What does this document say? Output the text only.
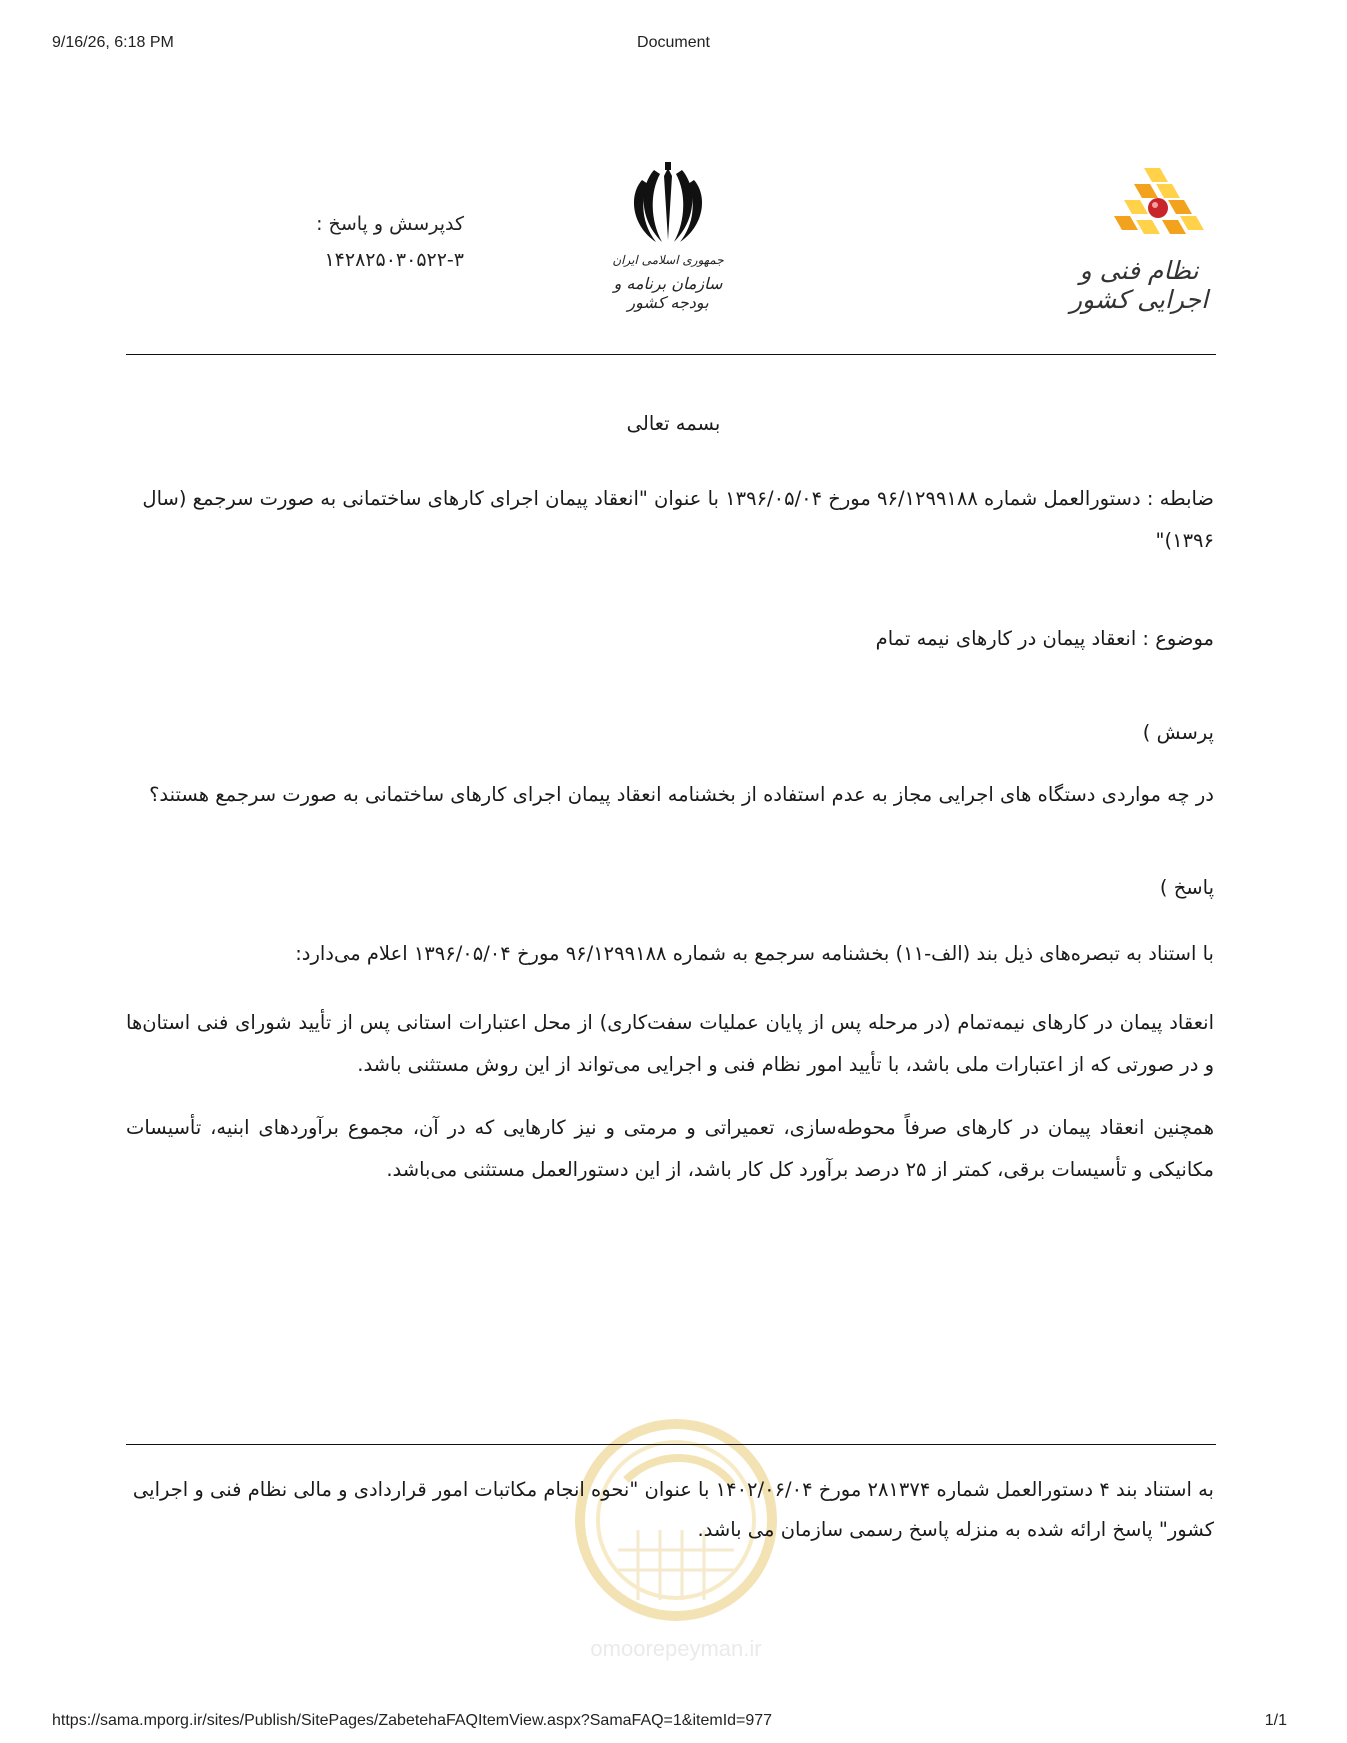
9/16/26, 6:18 PM	Document
نظام فنی و اجرایی کشور
جمهوری اسلامی ایران
سازمان برنامه و بودجه کشور
کدپرسش و پاسخ :
۱۴۲۸۲۵۰۳۰۵۲۲-۳
بسمه تعالی
ضابطه : دستورالعمل شماره ۹۶/۱۲۹۹۱۸۸ مورخ ۱۳۹۶/۰۵/۰۴ با عنوان "انعقاد پیمان اجرای کارهای ساختمانی به صورت سرجمع (سال ۱۳۹۶)"
موضوع : انعقاد پیمان در کارهای نیمه تمام
پرسش )
در چه مواردی دستگاه های اجرایی مجاز به عدم استفاده از بخشنامه انعقاد پیمان اجرای کارهای ساختمانی به صورت سرجمع هستند؟
پاسخ )
با استناد به تبصره‌های ذیل بند (الف-۱۱) بخشنامه سرجمع به شماره ۹۶/۱۲۹۹۱۸۸ مورخ ۱۳۹۶/۰۵/۰۴ اعلام می‌دارد:
انعقاد پیمان در کارهای نیمه‌تمام (در مرحله پس از پایان عملیات سفت‌کاری) از محل اعتبارات استانی پس از تأیید شورای فنی استان‌ها و در صورتی که از اعتبارات ملی باشد، با تأیید امور نظام فنی و اجرایی می‌تواند از این روش مستثنی باشد.
همچنین انعقاد پیمان در کارهای صرفاً محوطه‌سازی، تعمیراتی و مرمتی و نیز کارهایی که در آن، مجموع برآوردهای ابنیه، تأسیسات مکانیکی و تأسیسات برقی، کمتر از ۲۵ درصد برآورد کل کار باشد، از این دستورالعمل مستثنی می‌باشد.
omoorepeyman.ir
به استناد بند ۴ دستورالعمل شماره ۲۸۱۳۷۴ مورخ ۱۴۰۲/۰۶/۰۴ با عنوان "نحوه انجام مکاتبات امور قراردادی و مالی نظام فنی و اجرایی کشور" پاسخ ارائه شده به منزله پاسخ رسمی سازمان می باشد.
https://sama.mporg.ir/sites/Publish/SitePages/ZabetehaFAQItemView.aspx?SamaFAQ=1&itemId=977	1/1
